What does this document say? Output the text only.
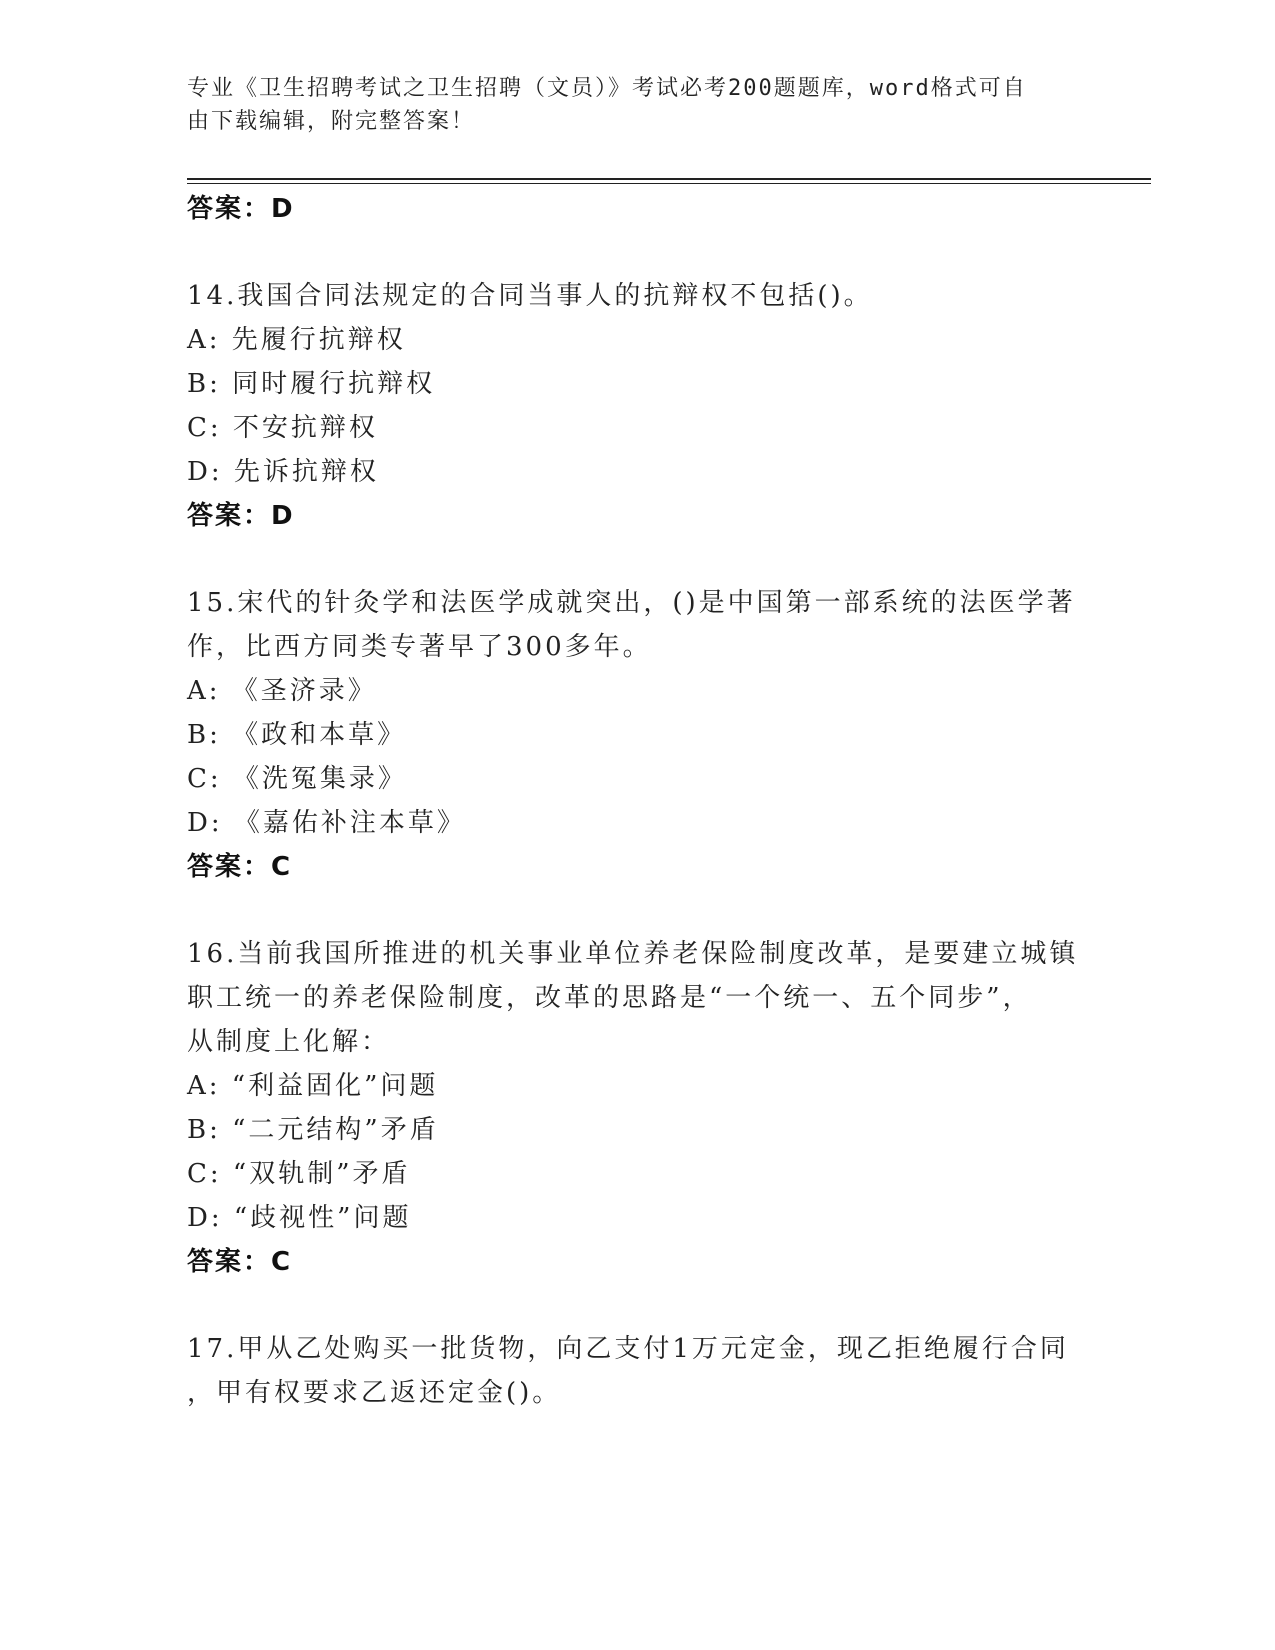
专业《卫生招聘考试之卫生招聘（文员）》考试必考200题题库，word格式可自
由下载编辑，附完整答案！
答案：D
14.我国合同法规定的合同当事人的抗辩权不包括()。
A: 先履行抗辩权
B: 同时履行抗辩权
C: 不安抗辩权
D: 先诉抗辩权
答案：D
15.宋代的针灸学和法医学成就突出，()是中国第一部系统的法医学著
作，比西方同类专著早了300多年。
A: 《圣济录》
B: 《政和本草》
C: 《洗冤集录》
D: 《嘉佑补注本草》
答案：C
16.当前我国所推进的机关事业单位养老保险制度改革，是要建立城镇
职工统一的养老保险制度，改革的思路是“一个统一、五个同步”，
从制度上化解：
A: “利益固化”问题
B: “二元结构”矛盾
C: “双轨制”矛盾
D: “歧视性”问题
答案：C
17.甲从乙处购买一批货物，向乙支付1万元定金，现乙拒绝履行合同
，甲有权要求乙返还定金()。
